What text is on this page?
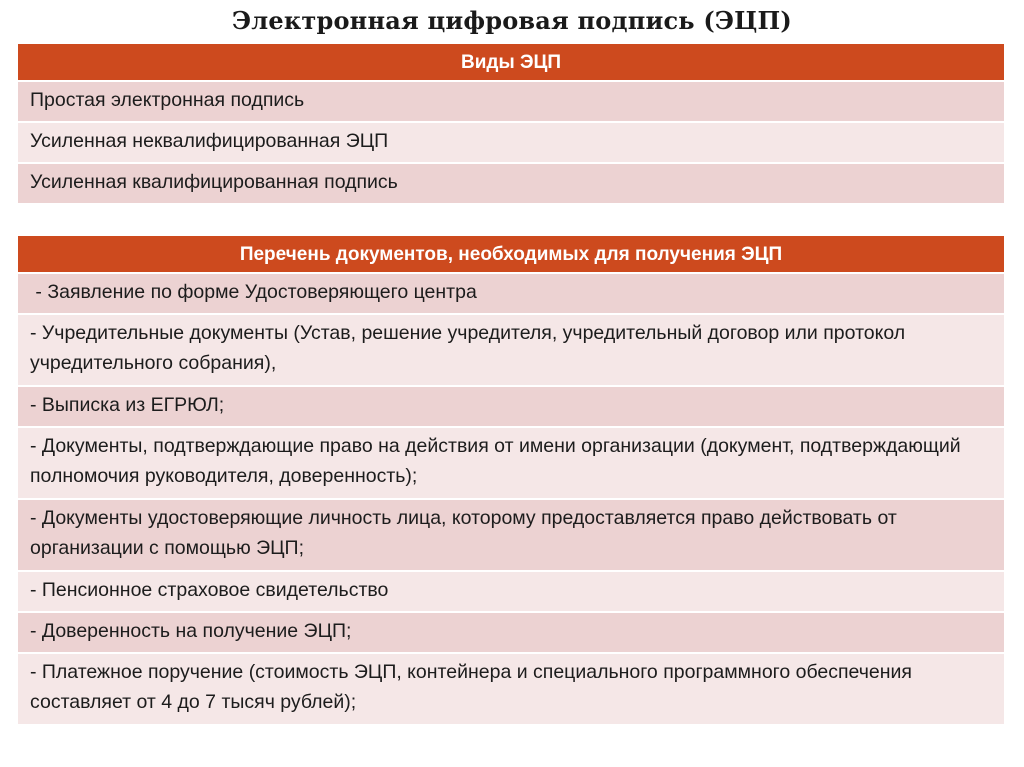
Электронная цифровая подпись (ЭЦП)
Виды ЭЦП
Простая электронная подпись
Усиленная неквалифицированная ЭЦП
Усиленная квалифицированная подпись
Перечень документов, необходимых для получения ЭЦП
- Заявление по форме Удостоверяющего центра
- Учредительные документы (Устав, решение учредителя, учредительный договор или протокол учредительного собрания),
- Выписка из ЕГРЮЛ;
- Документы, подтверждающие право на действия от имени организации (документ, подтверждающий полномочия руководителя, доверенность);
- Документы удостоверяющие личность лица, которому предоставляется право действовать от организации с помощью ЭЦП;
- Пенсионное страховое свидетельство
- Доверенность на получение ЭЦП;
- Платежное поручение (стоимость ЭЦП, контейнера и специального программного обеспечения составляет от 4 до 7 тысяч рублей);
